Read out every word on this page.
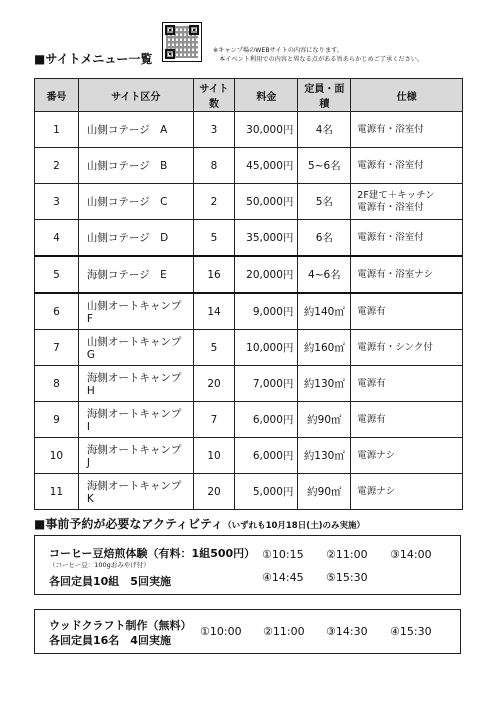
■サイトメニュー一覧
※キャンプ場のWEBサイトの内容になります。
本イベント利用での内容と異なる点がある旨あらかじめご了承ください。
番号	サイト区分	サイト数	料金	定員・面積	仕様
1	山側コテージ　A	3	30,000円	4名	電源有・浴室付

2	山側コテージ　B	8	45,000円	5~6名	電源有・浴室付

3	山側コテージ　C	2	50,000円	5名	2F建て＋キッチン
電源有・浴室付

4	山側コテージ　D	5	35,000円	6名	電源有・浴室付

5	海側コテージ　E	16	20,000円	4~6名	電源有・浴室ナシ

6	山側オートキャンプ　F	14	9,000円	約140㎡	電源有

7	山側オートキャンプ　G	5	10,000円	約160㎡	電源有・シンク付

8	海側オートキャンプ　H	20	7,000円	約130㎡	電源有

9	海側オートキャンプ　I	7	6,000円	約90㎡	電源有

10	海側オートキャンプ　J	10	6,000円	約130㎡	電源ナシ

11	海側オートキャンプ　K	20	5,000円	約90㎡	電源ナシ
■事前予約が必要なアクティビティ（いずれも10月18日(土)のみ実施）
コーヒー豆焙煎体験（有料：1組500円）
（コーヒー豆：100gおみやげ付）
各回定員10組　5回実施
①10:15 ②11:00 ③14:00
④14:45 ⑤15:30
ウッドクラフト制作（無料）
各回定員16名　4回実施
①10:00 ②11:00 ③14:30 ④15:30
